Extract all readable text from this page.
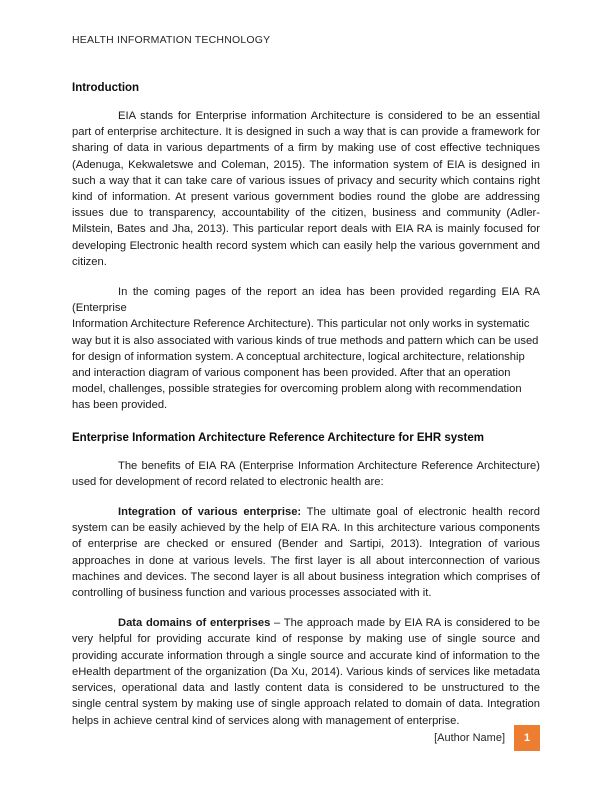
HEALTH INFORMATION TECHNOLOGY
Introduction

EIA stands for Enterprise information Architecture is considered to be an essential part of enterprise architecture. It is designed in such a way that is can provide a framework for sharing of data in various departments of a firm by making use of cost effective techniques (Adenuga, Kekwaletswe and Coleman, 2015). The information system of EIA is designed in such a way that it can take care of various issues of privacy and security which contains right kind of information. At present various government bodies round the globe are addressing issues due to transparency, accountability of the citizen, business and community (Adler-Milstein, Bates and Jha, 2013). This particular report deals with EIA RA is mainly focused for developing Electronic health record system which can easily help the various government and citizen.

In the coming pages of the report an idea has been provided regarding EIA RA (Enterprise
Information Architecture Reference Architecture). This particular not only works in systematic way but it is also associated with various kinds of true methods and pattern which can be used for design of information system. A conceptual architecture, logical architecture, relationship and interaction diagram of various component has been provided. After that an operation model, challenges, possible strategies for overcoming problem along with recommendation has been provided.

Enterprise Information Architecture Reference Architecture for EHR system

The benefits of EIA RA (Enterprise Information Architecture Reference Architecture) used for development of record related to electronic health are:

Integration of various enterprise: The ultimate goal of electronic health record system can be easily achieved by the help of EIA RA. In this architecture various components of enterprise are checked or ensured (Bender and Sartipi, 2013). Integration of various approaches in done at various levels. The first layer is all about interconnection of various machines and devices. The second layer is all about business integration which comprises of controlling of business function and various processes associated with it.

Data domains of enterprises – The approach made by EIA RA is considered to be very helpful for providing accurate kind of response by making use of single source and providing accurate information through a single source and accurate kind of information to the eHealth department of the organization (Da Xu, 2014). Various kinds of services like metadata services, operational data and lastly content data is considered to be unstructured to the single central system by making use of single approach related to domain of data. Integration helps in achieve central kind of services along with management of enterprise.

[Author Name]	1
